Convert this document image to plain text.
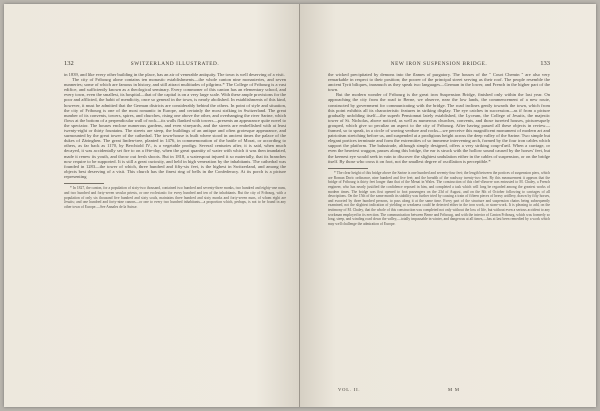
132	SWITZERLAND ILLUSTRATED.

in 1839, and like every other building in the place, has an air of venerable antiquity. The town is well deserving of a visit.

The city of Fribourg alone contains ten monastic establishments—the whole canton nine monasteries, and seven nunneries; some of which are famous in history, and still attract multitudes of pilgrims.* The College of Fribourg is a vast edifice, and sufficiently known as a theological seminary. Every commoner of this canton has an elementary school, and every town, even the smallest, its hospital—that of the capital is on a very large scale. With these ample provisions for the poor and afflicted, the habit of mendicity, once so general in the town, is nearly abolished. In establishments of this kind, however, it must be admitted that the German districts are considerably behind the others. In point of style and situation, the city of Fribourg is one of the most romantic in Europe, and certainly the most striking in Switzerland. The great number of its convents, towers, spires, and churches, rising one above the other, and overhanging the river Sarine, which flows at the bottom of a perpendicular wall of rock—its walls flanked with towers—presents an appearance quite novel to the spectator. The houses enclose numerous gardens, and even vineyards, and the streets are embellished with at least twenty-eight or thirty fountains. The streets are steep, the buildings of an antique and often grotesque appearance, and surmounted by the great tower of the cathedral. The town-house is built where stood in ancient times the palace of the dukes of Zäringhen. The great linden-tree, planted in 1476, in commemoration of the battle of Morat, or according to others, as far back as 1170, by Berchtold IV., is a vegetable prodigy. Several centuries after, it is said, when much decayed, it was accidentally set fire to on a fête-day, when the great quantity of water with which it was then inundated, made it renew its youth, and throw out fresh shoots. But in 1818, a waterspout injured it so materially, that its branches now require to be supported. It is still a great curiosity, and held in high veneration by the inhabitants. The cathedral was founded in 1283—the tower of which, three hundred and fifty-six feet, is the highest in Switzerland, and among the objects best deserving of a visit. This church has the finest ring of bells in the Confederacy. At its porch is a picture representing

* In 1827, the canton, for a population of sixty-two thousand, contained two hundred and seventy-three monks, two hundred and eighty-one nuns, and two hundred and forty-seven secular priests, or one ecclesiastic for every hundred and ten of the inhabitants. But the city of Fribourg, with a population of only six thousand five hundred and sixty souls, maintains three hundred and sixty monks and forty-seven nuns, of whom eight are Jesuits; and one hundred and forty-nine canons—or one to every two hundred inhabitants—a proportion which, perhaps, is not to be found in any other town of Europe.—See Annales de la Suisse.

NEW IRON SUSPENSION BRIDGE.	133

the wicked precipitated by demons into the flames of purgatory. The houses of the " Court Chemin " are also very remarkable in respect to their position; the poorer of the principal street serving as their roof. The people resemble the ancient Tyrit biliques, inasmuch as they speak two languages—German in the lower, and French in the higher part of the town.

But the modern wonder of Fribourg is the great iron Suspension Bridge, finished only within the last year. On approaching the city from the road to Berne, we observe, near the low lands, the commencement of a new route, constructed by government for communicating with the bridge. The road inclines gently towards the town, which from this point exhibits all its characteristic features in striking display. The eye catches in succession—as if from a picture gradually unfolding itself—the superb Pensionnat lately established, the Lyceum, the College of Jesuits, the majestic tower of St. Nicholas, above noticed, as well as numerous churches, convents, and those turreted houses, picturesquely grouped, which give so peculiar an aspect to the city of Fribourg. After having passed all these objects in review—framed, so to speak, in a circle of waving verdure and rocks—we perceive this magnificent monument of modern art and patriotism stretching before us, and suspended at a prodigious height across the deep valley of the Sarine. Two simple but elegant portices terminate and form the extremities of so immense intervening arch, formed by the four iron cables which support the platform. The balustrade, although simply designed, offers a very striking coup-d'œil. When a carriage, or even the heaviest waggon, passes along this bridge, the ear is struck with the hollow sound caused by the horses' feet, but the keenest eye would seek in vain to discover the slightest undulation either in the cables of suspension, or on the bridge itself. By those who cross it on foot, not the smallest degree of oscillation is perceptible.*

* The clear height of this bridge above the Sarine is one hundred and seventy-four feet; the length between the portices of suspension piers, which are Roman Doric ordinance, nine hundred and five feet; and the breadth of the roadway twenty-two feet. By this measurement it appears that the bridge of Fribourg is thirty feet longer than that of the Menai in Wales. The construction of this chef-d'œuvre was entrusted to M. Chaley, a French engineer, who has nearly justified the confidence reposed in him, and completed a task which will long be regarded among the greatest works of modern times. The bridge was first opened to foot passengers on the 23d of August, and on the 8th of October following to carriages of all descriptions. On the 15th of the same month its stability was further tried by causing a train of fifteen pieces of heavy artillery, drawn by fifty horses, and escorted by three hundred persons, to pass along it at the same time. Every part of the structure and suspension chains being subsequently examined, not the slightest indication of yielding or weakness could be detected either in the iron work, or stone-work. It is pleasing to add, on the testimony of M. Chaley, that the whole of this construction was completed not only without the loss of life, but without even a serious accident to any workman employed in its erection. The communication between Berne and Fribourg, and with the interior of Canton Fribourg, which was formerly so long, steep, and winding road down the valley,—totally impassable in winter, and dangerous at all times,—has at last been remedied by a work which may well challenge the admiration of Europe.

VOL. II.	M M
